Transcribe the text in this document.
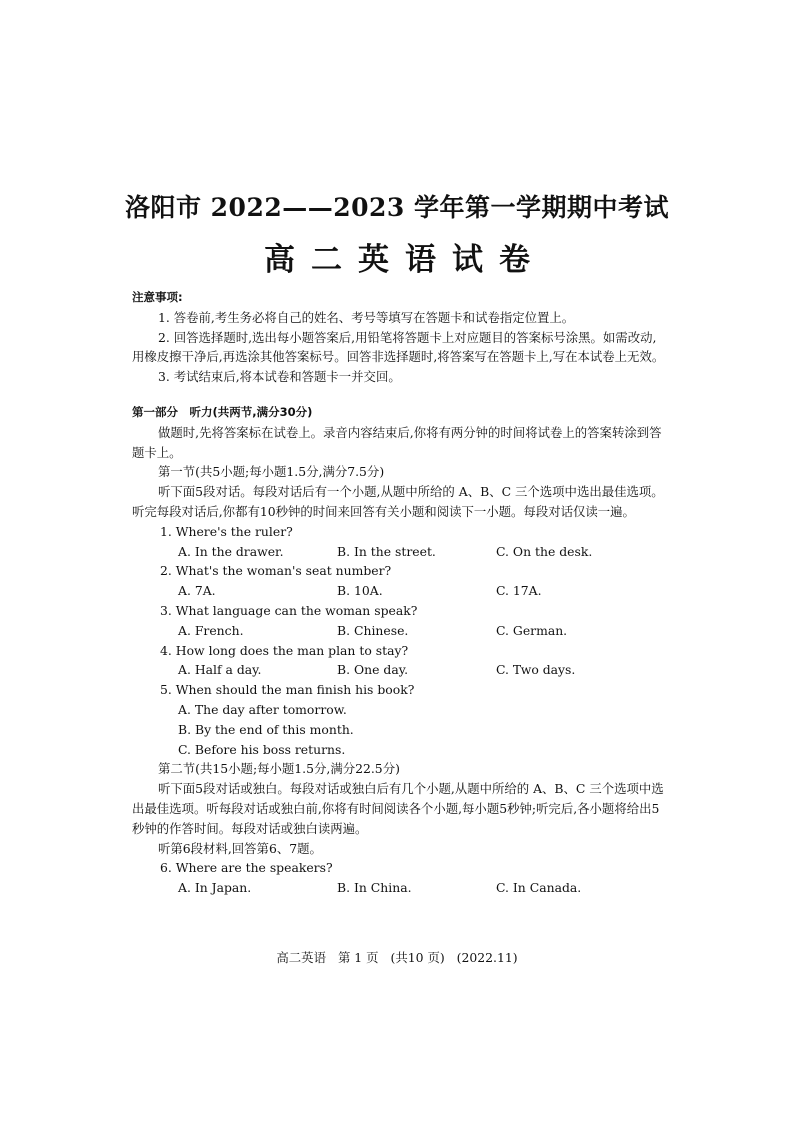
洛阳市 2022——2023 学年第一学期期中考试
高二英语试卷
注意事项:

1. 答卷前,考生务必将自己的姓名、考号等填写在答题卡和试卷指定位置上。

2. 回答选择题时,选出每小题答案后,用铅笔将答题卡上对应题目的答案标号涂黑。如需改动,用橡皮擦干净后,再选涂其他答案标号。回答非选择题时,将答案写在答题卡上,写在本试卷上无效。

3. 考试结束后,将本试卷和答题卡一并交回。

第一部分　听力(共两节,满分30分)

做题时,先将答案标在试卷上。录音内容结束后,你将有两分钟的时间将试卷上的答案转涂到答题卡上。

第一节(共5小题;每小题1.5分,满分7.5分)

听下面5段对话。每段对话后有一个小题,从题中所给的 A、B、C 三个选项中选出最佳选项。听完每段对话后,你都有10秒钟的时间来回答有关小题和阅读下一小题。每段对话仅读一遍。

1. Where's the ruler?

A. In the drawer.	B. In the street.	C. On the desk.

2. What's the woman's seat number?

A. 7A.	B. 10A.	C. 17A.

3. What language can the woman speak?

A. French.	B. Chinese.	C. German.

4. How long does the man plan to stay?

A. Half a day.	B. One day.	C. Two days.

5. When should the man finish his book?

A. The day after tomorrow.

B. By the end of this month.

C. Before his boss returns.

第二节(共15小题;每小题1.5分,满分22.5分)

听下面5段对话或独白。每段对话或独白后有几个小题,从题中所给的 A、B、C 三个选项中选出最佳选项。听每段对话或独白前,你将有时间阅读各个小题,每小题5秒钟;听完后,各小题将给出5秒钟的作答时间。每段对话或独白读两遍。

听第6段材料,回答第6、7题。

6. Where are the speakers?

A. In Japan.	B. In China.	C. In Canada.
高二英语 第 1 页 (共10 页) (2022.11)
